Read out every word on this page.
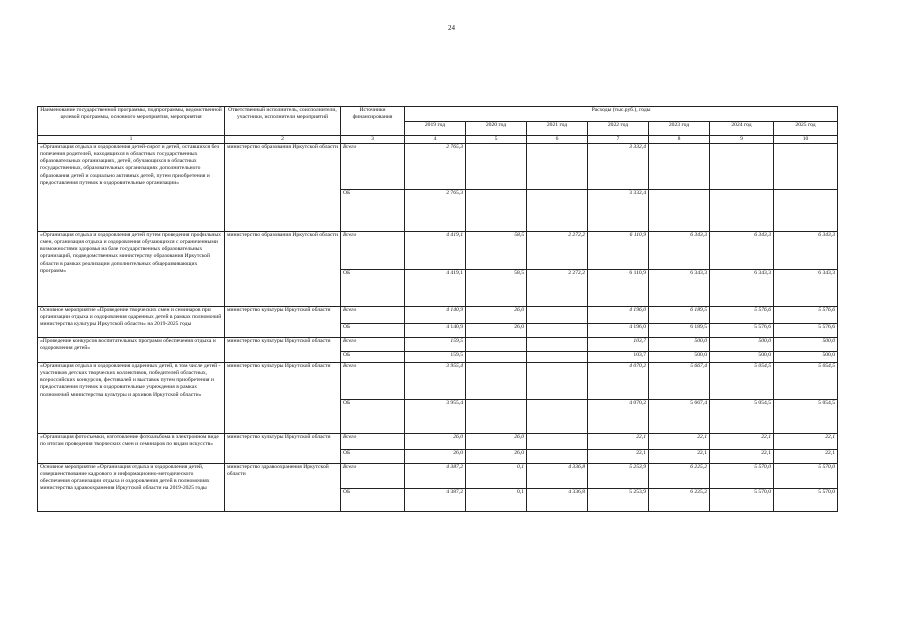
24
Наименование государственной программы, подпрограммы, ведомственной целевой программы, основного мероприятия, мероприятия	Ответственный исполнитель, соисполнители, участники, исполнители мероприятий	Источники финансирования	Расходы (тыс.руб.), годы						
			2019 год	2020 год	2021 год	2022 год	2023 год	2024 год	2025 год
1	2	3	4	5	6	7	8	9	10
«Организация отдыха и оздоровления детей-сирот и детей, оставшихся без попечения родителей, находящихся в областных государственных образовательных организациях, детей, обучающихся в областных государственных, образовательных организациях дополнительного образования детей и социально активных детей, путем приобретения и предоставления путевок в оздоровительные организации»	министерство образования Иркутской области	Всего	2 765,3			3 332,4			
		ОБ	2 765,3			3 332,4			
«Организация отдыха и оздоровления детей путем проведения профильных смен, организация отдыха и оздоровления обучающихся с ограниченными возможностями здоровья на базе государственных образовательных организаций, подведомственных министерству образования Иркутской области в рамках реализации дополнительных общеразвивающих программ»	министерство образования Иркутской области	Всего	4 419,1	58,5	2 272,2	6 110,9	6 343,3	6 343,3	6 343,3
		ОБ	4 419,1	58,5	2 272,2	6 110,9	6 343,3	6 343,3	6 343,3
Основное мероприятие «Проведение творческих смен и семинаров при организации отдыха и оздоровления одаренных детей в рамках полномочий министерства культуры Иркутской области» на 2019-2025 годы	министерство культуры Иркутской области	Всего	4 140,9	26,0		4 196,0	6 189,5	5 576,6	5 576,6
		ОБ	4 140,9	26,0		4 196,0	6 189,5	5 576,6	5 576,6
«Проведение конкурсов воспитательных программ обеспечения отдыха и оздоровления детей»	министерство культуры Иркутской области	Всего	159,5			103,7	500,0	500,0	500,0
		ОБ	159,5			103,7	500,0	500,0	500,0
«Организация отдыха и оздоровления одаренных детей, в том числе детей - участников детских творческих коллективов, победителей областных, всероссийских конкурсов, фестивалей и выставок путем приобретения и предоставления путевок в оздоровительные учреждения в рамках полномочий министерства культуры и архивов Иркутской области»	министерство культуры Иркутской области	Всего	3 955,4			4 070,2	5 667,4	5 054,5	5 054,5
		ОБ	3 955,4			4 070,2	5 667,4	5 054,5	5 054,5
«Организация фотосъемки, изготовление фотоальбома в электронном виде по итогам проведения творческих смен и семинаров по видам искусств»	министерство культуры Иркутской области	Всего	26,0	26,0		22,1	22,1	22,1	22,1
		ОБ	26,0	26,0		22,1	22,1	22,1	22,1
Основное мероприятие «Организация отдыха и оздоровления детей, совершенствование кадрового и информационно-методического обеспечения организации отдыха и оздоровления детей в полномочиях министерства здравоохранения Иркутской области на 2019-2025 годы	министерство здравоохранения Иркутской области	Всего	4 387,2	0,1	4 336,8	5 253,9	6 225,2	5 570,0	5 570,0
		ОБ	4 387,2	0,1	4 336,8	5 253,9	6 225,2	5 570,0	5 570,0
